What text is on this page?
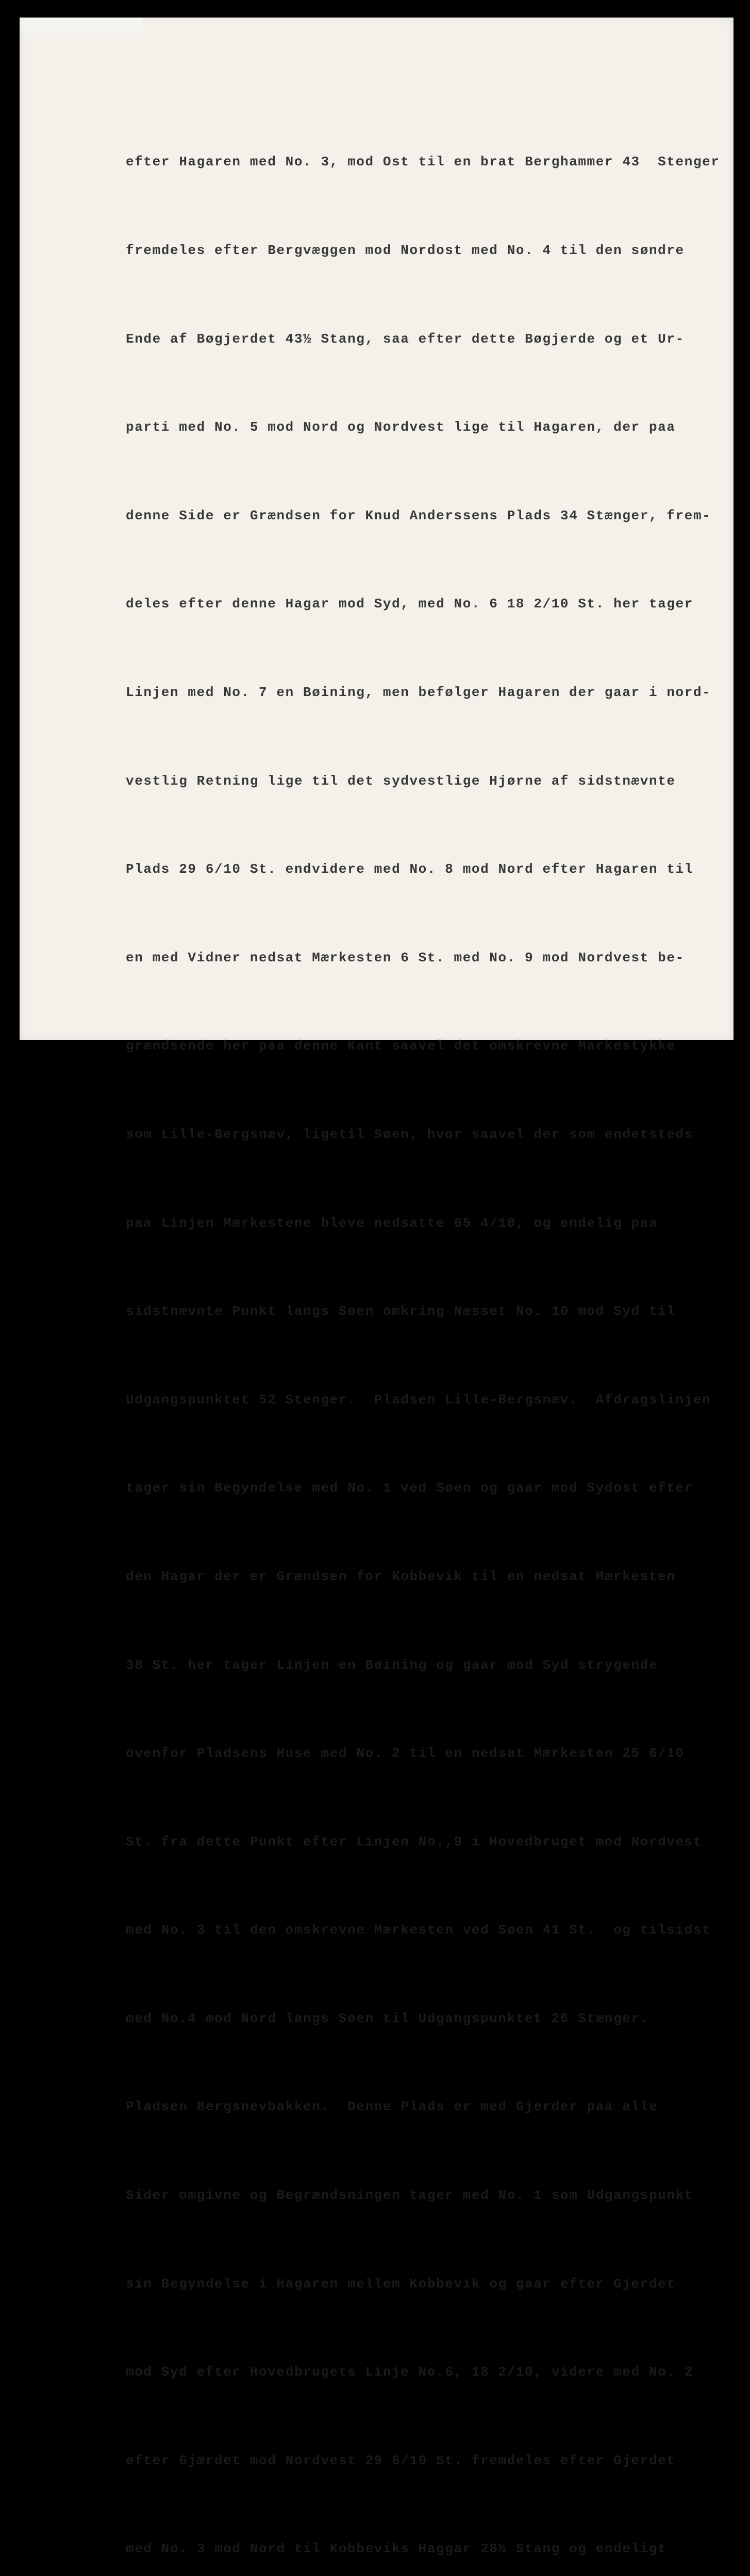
efter Hagaren med No. 3, mod Ost til en brat Berghammer 43  Stenger

fremdeles efter Bergvæggen mod Nordost med No. 4 til den søndre

Ende af Bøgjerdet 43½ Stang, saa efter dette Bøgjerde og et Ur-

parti med No. 5 mod Nord og Nordvest lige til Hagaren, der paa

denne Side er Grændsen for Knud Anderssens Plads 34 Stænger, frem-

deles efter denne Hagar mod Syd, med No. 6 18 2/10 St. her tager

Linjen med No. 7 en Bøining, men befølger Hagaren der gaar i nord-

vestlig Retning lige til det sydvestlige Hjørne af sidstnævnte

Plads 29 6/10 St. endvidere med No. 8 mod Nord efter Hagaren til

en med Vidner nedsat Mærkesten 6 St. med No. 9 mod Nordvest be-

grændsende her paa denne Kant saavel det omskrevne Markestykke

som Lille-Bergsnæv, ligetil Søen, hvor saavel der som endetsteds

paa Linjen Mærkestene bleve nedsatte 65 4/10, og endelig paa

sidstnævnte Punkt langs Søen omkring Næsset No. 10 mod Syd til

Udgangspunktet 52 Stenger.  Pladsen Lille-Bergsnæv.  Afdragslinjen

tager sin Begyndelse med No. 1 ved Søen og gaar mod Sydost efter

den Hagar der er Grændsen for Kobbevik til en nedsat Mærkesten

38 St. her tager Linjen en Bøining og gaar mod Syd strygende

ovenfor Pladsens Huse med No. 2 til en nedsat Mærkesten 25 6/10

St. fra dette Punkt efter Linjen No.,9 i Hovedbruget mod Nordvest

med No. 3 til den omskrevne Mærkesten ved Søen 41 St.  og tilsidst

med No.4 mod Nord langs Søen til Udgangspunktet 26 Stænger.

Pladsen Bergsnevbakken.  Denne Plads er med Gjerder paa alle

Sider omgivne og Begrændsningen tager med No. 1 som Udgangspunkt

sin Begyndelse i Hagaren mellem Kobbevik og gaar efter Gjerdet

mod Syd efter Hovedbrugets Linje No.6, 18 2/10, videre med No. 2

efter Gjærdet mod Nordvest 29 6/10 St. fremdeles efter Gjerdet

med No. 3 mod Nord til Kobbeviks Haggar 28½ Stang og endeligt
